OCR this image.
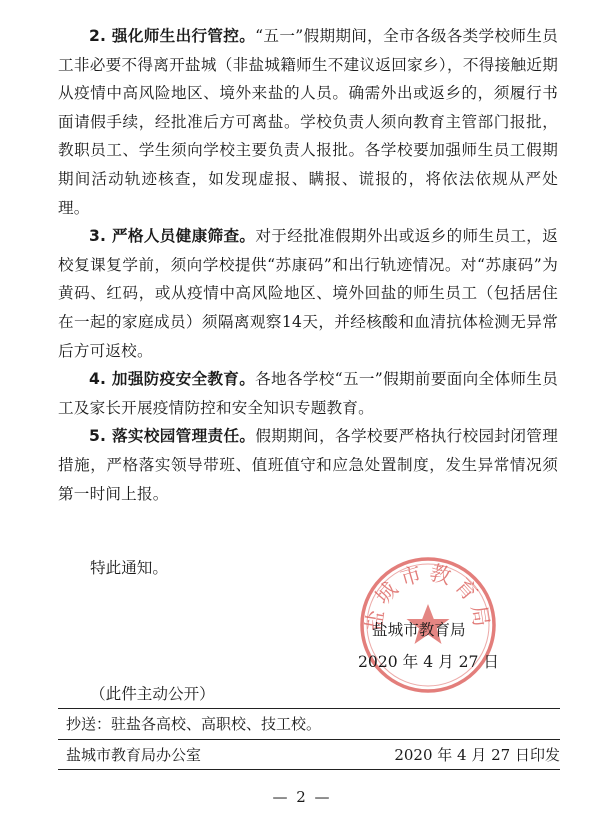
2. 强化师生出行管控。“五一”假期期间，全市各级各类学校师生员工非必要不得离开盐城（非盐城籍师生不建议返回家乡），不得接触近期从疫情中高风险地区、境外来盐的人员。确需外出或返乡的，须履行书面请假手续，经批准后方可离盐。学校负责人须向教育主管部门报批，教职员工、学生须向学校主要负责人报批。各学校要加强师生员工假期期间活动轨迹核查，如发现虚报、瞒报、谎报的，将依法依规从严处理。

3. 严格人员健康筛查。对于经批准假期外出或返乡的师生员工，返校复课复学前，须向学校提供“苏康码”和出行轨迹情况。对“苏康码”为黄码、红码，或从疫情中高风险地区、境外回盐的师生员工（包括居住在一起的家庭成员）须隔离观察14天，并经核酸和血清抗体检测无异常后方可返校。

4. 加强防疫安全教育。各地各学校“五一”假期前要面向全体师生员工及家长开展疫情防控和安全知识专题教育。

5. 落实校园管理责任。假期期间，各学校要严格执行校园封闭管理措施，严格落实领导带班、值班值守和应急处置制度，发生异常情况须第一时间上报。

特此通知。
盐城市教育局
盐城市教育局
2020 年 4 月 27 日
（此件主动公开）
抄送：驻盐各高校、高职校、技工校。
盐城市教育局办公室	2020 年 4 月 27 日印发
— 2 —
